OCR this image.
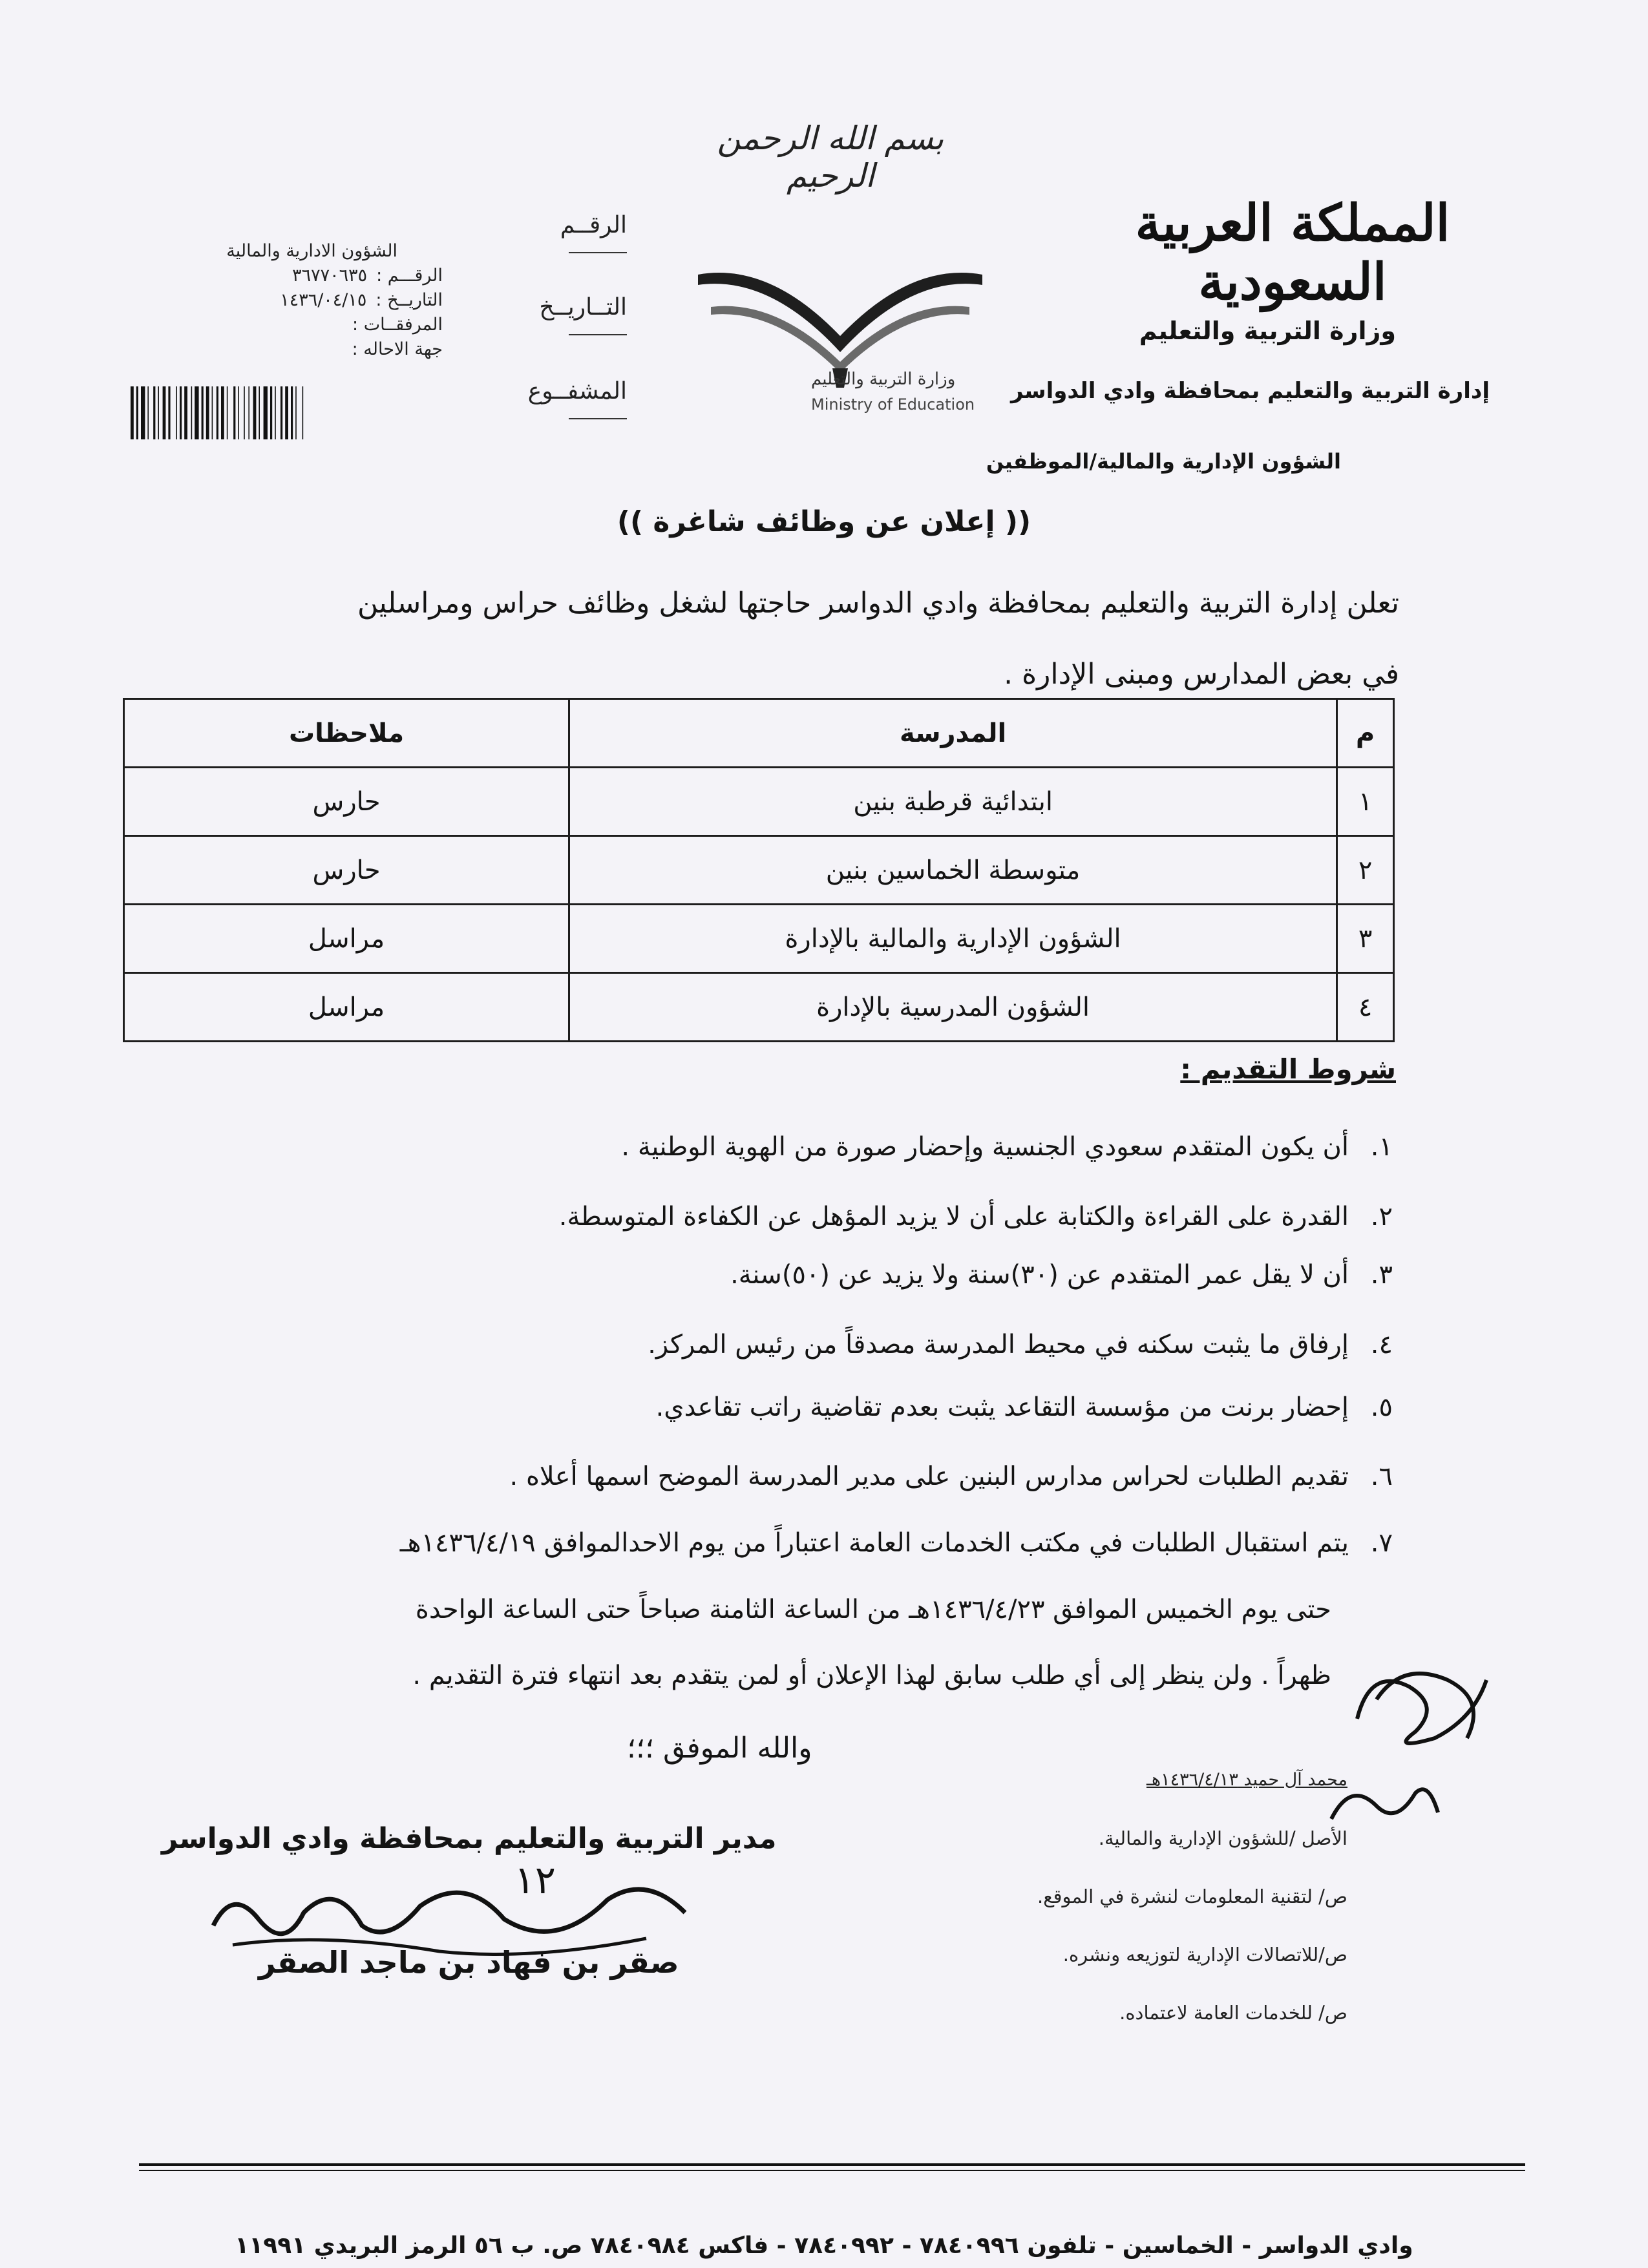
بسم الله الرحمن الرحيم
المملكة العربية السعودية
وزارة التربية والتعليم
إدارة التربية والتعليم بمحافظة وادي الدواسر
الشؤون الإدارية والمالية/الموظفين
وزارة التربية والتعليم
Ministry of Education
الرقــم
التــاريــخ
المشفــوع
الشؤون الادارية والمالية
الرقـــم :
٣٦٧٧٠٦٣٥
التاريــخ :
١٤٣٦/٠٤/١٥
المرفقــات :
جهة الاحاله :
(( إعلان عن وظائف شاغرة ))
تعلن إدارة التربية والتعليم بمحافظة وادي الدواسر حاجتها لشغل وظائف حراس ومراسلين
في بعض المدارس ومبنى الإدارة .
م	المدرسة	ملاحظات
١	ابتدائية قرطبة بنين	حارس
٢	متوسطة الخماسين بنين	حارس
٣	الشؤون الإدارية والمالية بالإدارة	مراسل
٤	الشؤون المدرسية بالإدارة	مراسل
شروط التقديم :
١.
أن يكون المتقدم سعودي الجنسية وإحضار صورة من الهوية الوطنية .
٢.
القدرة على القراءة والكتابة على أن لا يزيد المؤهل عن الكفاءة المتوسطة.
٣.
أن لا يقل عمر المتقدم عن (٣٠)سنة ولا يزيد عن (٥٠)سنة.
٤.
إرفاق ما يثبت سكنه في محيط المدرسة مصدقاً من رئيس المركز.
٥.
إحضار برنت من مؤسسة التقاعد يثبت بعدم تقاضية راتب تقاعدي.
٦.
تقديم الطلبات لحراس مدارس البنين على مدير المدرسة الموضح اسمها أعلاه .
٧.
يتم استقبال الطلبات في مكتب الخدمات العامة اعتباراً من يوم الاحدالموافق ١٤٣٦/٤/١٩هـ
حتى يوم الخميس الموافق ١٤٣٦/٤/٢٣هـ من الساعة الثامنة صباحاً حتى الساعة الواحدة
ظهراً . ولن ينظر إلى أي طلب سابق لهذا الإعلان أو لمن يتقدم بعد انتهاء فترة التقديم .
والله الموفق ؛؛؛
مدير التربية والتعليم بمحافظة وادي الدواسر
صقر بن فهاد بن ماجد الصقر
١٢
محمد آل حميد ١٤٣٦/٤/١٣هـ
الأصل /للشؤون الإدارية والمالية.
ص/ لتقنية المعلومات لنشرة في الموقع.
ص/للاتصالات الإدارية لتوزيعه ونشره.
ص/ للخدمات العامة لاعتماده.
وادي الدواسر - الخماسين - تلفون ٧٨٤٠٩٩٦ - ٧٨٤٠٩٩٢ - فاكس ٧٨٤٠٩٨٤ ص. ب ٥٦ الرمز البريدي ١١٩٩١
